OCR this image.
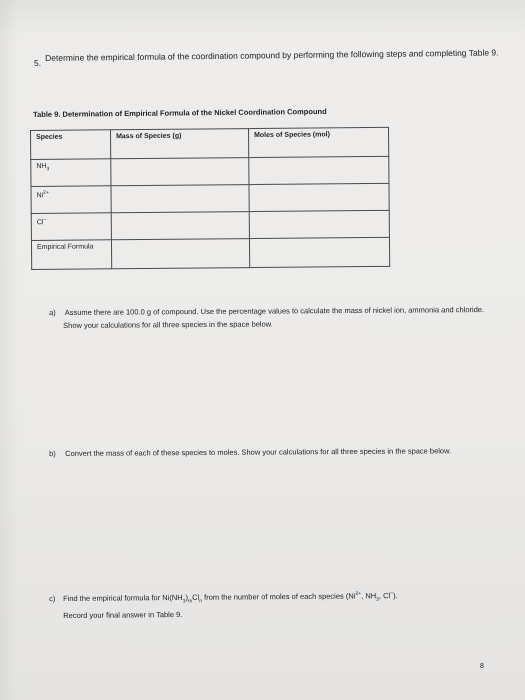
5.
Determine the empirical formula of the coordination compound by performing the following steps and completing Table 9.
Table 9. Determination of Empirical Formula of the Nickel Coordination Compound
Species	Mass of Species (g)	Moles of Species (mol)
$NH_3$		
$Ni^{2+}$		
Cl−		
Empirical Formula		
a) Assume there are 100.0 g of compound. Use the percentage values to calculate the mass of nickel ion, ammonia and chloride. Show your calculations for all three species in the space below.
b) Convert the mass of each of these species to moles. Show your calculations for all three species in the space below.
c) Find the empirical formula for $Ni(NH_3)_mCl_n$ from the number of moles of each species ($Ni^{2+}$, $NH_3$, Cl−).
Record your final answer in Table 9.
8
